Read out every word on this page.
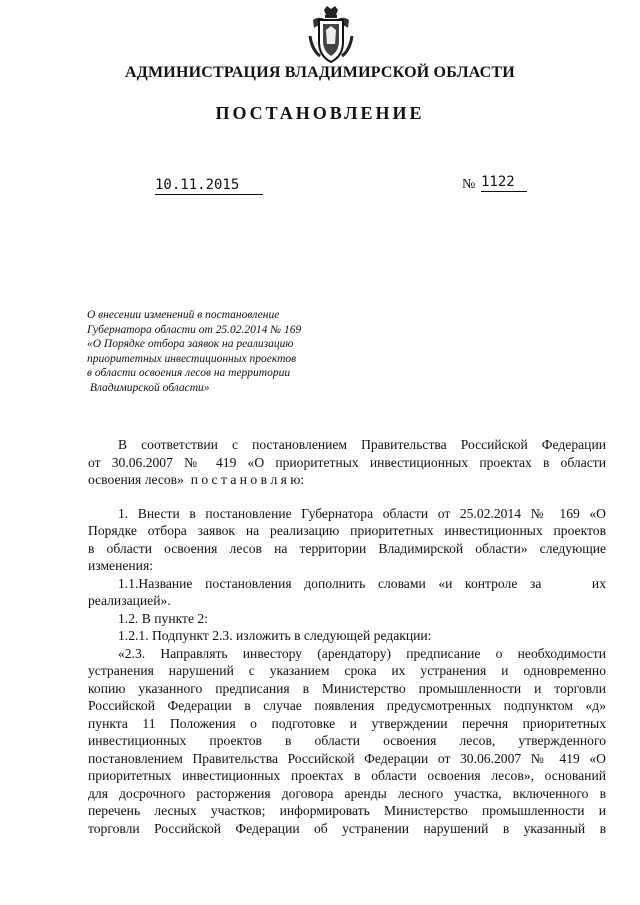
АДМИНИСТРАЦИЯ ВЛАДИМИРСКОЙ ОБЛАСТИ
ПОСТАНОВЛЕНИЕ
10.11.2015	№ 1122
О внесении изменений в постановление
Губернатора области от 25.02.2014 № 169
«О Порядке отбора заявок на реализацию
приоритетных инвестиционных проектов
в области освоения лесов на территории
Владимирской области»
В соответствии с постановлением Правительства Российской Федерации
от 30.06.2007 № 419 «О приоритетных инвестиционных проектах в области
освоения лесов»  п о с т а н о в л я ю:
1. Внести в постановление Губернатора области от 25.02.2014 № 169 «О
Порядке отбора заявок на реализацию приоритетных инвестиционных проектов
в области освоения лесов на территории Владимирской области» следующие
изменения:
1.1.Название постановления дополнить словами «и контроле за    их
реализацией».
1.2. В пункте 2:
1.2.1. Подпункт 2.3. изложить в следующей редакции:
«2.3. Направлять инвестору (арендатору) предписание о необходимости
устранения нарушений с указанием срока их устранения и одновременно
копию указанного предписания в Министерство промышленности и торговли
Российской Федерации в случае появления предусмотренных подпунктом «д»
пункта 11 Положения о подготовке и утверждении перечня приоритетных
инвестиционных   проектов   в   области   освоения   лесов,   утвержденного
постановлением Правительства Российской Федерации от 30.06.2007 № 419 «О
приоритетных инвестиционных проектах в области освоения лесов», оснований
для досрочного расторжения договора аренды лесного участка, включенного в
перечень лесных участков; информировать Министерство промышленности и
торговли Российской Федерации об устранении нарушений в указанный в
